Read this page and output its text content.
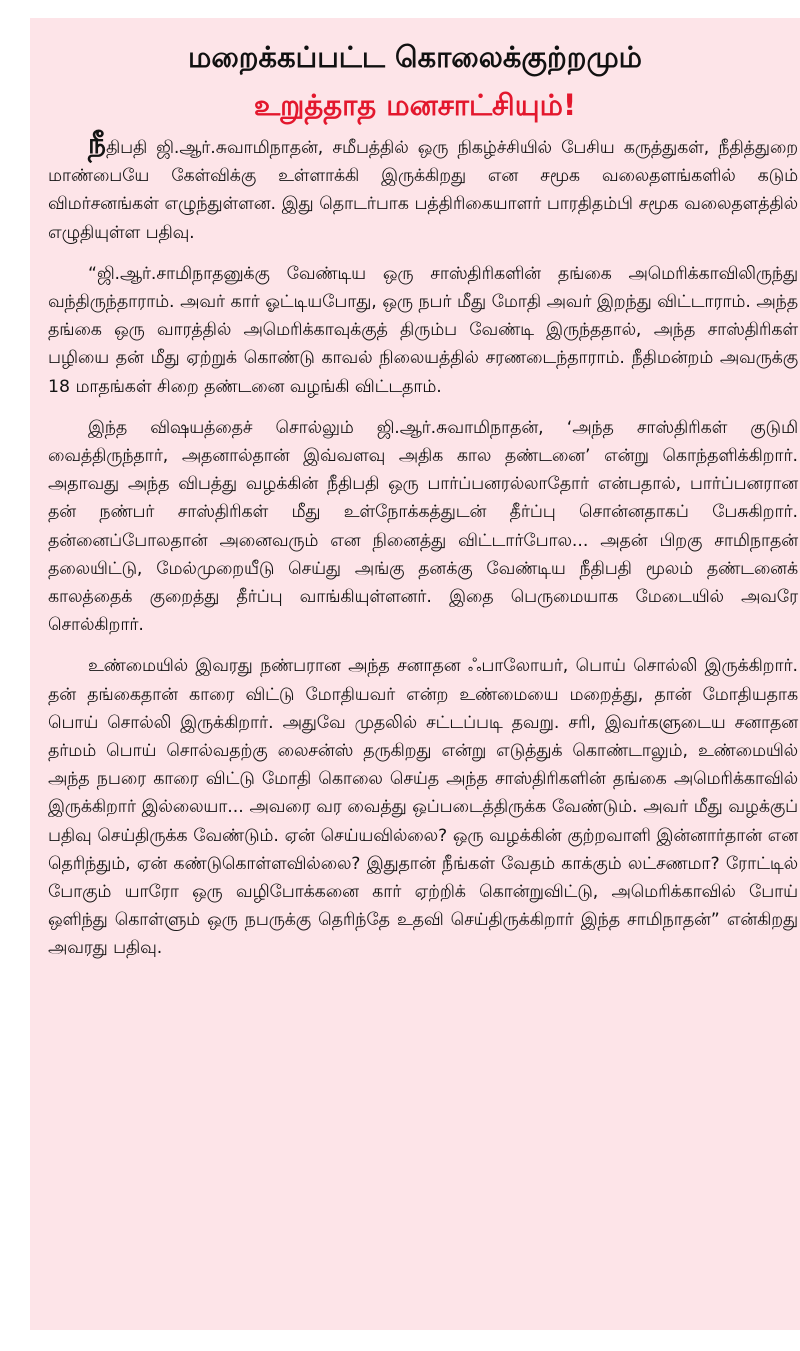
மறைக்கப்பட்ட கொலைக்குற்றமும்
உறுத்தாத மனசாட்சியும்!

நீதிபதி ஜி.ஆர்.சுவாமிநாதன், சமீபத்தில் ஒரு நிகழ்ச்சியில் பேசிய கருத்துகள், நீதித்துறை மாண்பையே கேள்விக்கு உள்ளாக்கி இருக்கிறது என சமூக வலைதளங்களில் கடும் விமர்சனங்கள் எழுந்துள்ளன. இது தொடர்பாக பத்திரிகையாளர் பாரதிதம்பி சமூக வலைதளத்தில் எழுதியுள்ள பதிவு.

“ஜி.ஆர்.சாமிநாதனுக்கு வேண்டிய ஒரு சாஸ்திரிகளின் தங்கை அமெரிக்காவிலிருந்து வந்திருந்தாராம். அவர் கார் ஓட்டியபோது, ஒரு நபர் மீது மோதி அவர் இறந்து விட்டாராம். அந்த தங்கை ஒரு வாரத்தில் அமெரிக்காவுக்குத் திரும்ப வேண்டி இருந்ததால், அந்த சாஸ்திரிகள் பழியை தன் மீது ஏற்றுக் கொண்டு காவல் நிலையத்தில் சரணடைந்தாராம். நீதிமன்றம் அவருக்கு 18 மாதங்கள் சிறை தண்டனை வழங்கி விட்டதாம்.

இந்த விஷயத்தைச் சொல்லும் ஜி.ஆர்.சுவாமிநாதன், ‘அந்த சாஸ்திரிகள் குடுமி வைத்திருந்தார், அதனால்தான் இவ்வளவு அதிக கால தண்டனை’ என்று கொந்தளிக்கிறார். அதாவது அந்த விபத்து வழக்கின் நீதிபதி ஒரு பார்ப்பனரல்லாதோர் என்பதால், பார்ப்பனரான தன் நண்பர் சாஸ்திரிகள் மீது உள்நோக்கத்துடன் தீர்ப்பு சொன்னதாகப் பேசுகிறார். தன்னைப்போலதான் அனைவரும் என நினைத்து விட்டார்போல... அதன் பிறகு சாமிநாதன் தலையிட்டு, மேல்முறையீடு செய்து அங்கு தனக்கு வேண்டிய நீதிபதி மூலம் தண்டனைக் காலத்தைக் குறைத்து தீர்ப்பு வாங்கியுள்ளனர். இதை பெருமையாக மேடையில் அவரே சொல்கிறார்.

உண்மையில் இவரது நண்பரான அந்த சனாதன ஃபாலோயர், பொய் சொல்லி இருக்கிறார். தன் தங்கைதான் காரை விட்டு மோதியவர் என்ற உண்மையை மறைத்து, தான் மோதியதாக பொய் சொல்லி இருக்கிறார். அதுவே முதலில் சட்டப்படி தவறு. சரி, இவர்களுடைய சனாதன தர்மம் பொய் சொல்வதற்கு லைசன்ஸ் தருகிறது என்று எடுத்துக் கொண்டாலும், உண்மையில் அந்த நபரை காரை விட்டு மோதி கொலை செய்த அந்த சாஸ்திரிகளின் தங்கை அமெரிக்காவில் இருக்கிறார் இல்லையா... அவரை வர வைத்து ஒப்படைத்திருக்க வேண்டும். அவர் மீது வழக்குப் பதிவு செய்திருக்க வேண்டும். ஏன் செய்யவில்லை? ஒரு வழக்கின் குற்றவாளி இன்னார்தான் என தெரிந்தும், ஏன் கண்டுகொள்ளவில்லை? இதுதான் நீங்கள் வேதம் காக்கும் லட்சணமா? ரோட்டில் போகும் யாரோ ஒரு வழிபோக்கனை கார் ஏற்றிக் கொன்றுவிட்டு, அமெரிக்காவில் போய் ஒளிந்து கொள்ளும் ஒரு நபருக்கு தெரிந்தே உதவி செய்திருக்கிறார் இந்த சாமிநாதன்” என்கிறது அவரது பதிவு.
